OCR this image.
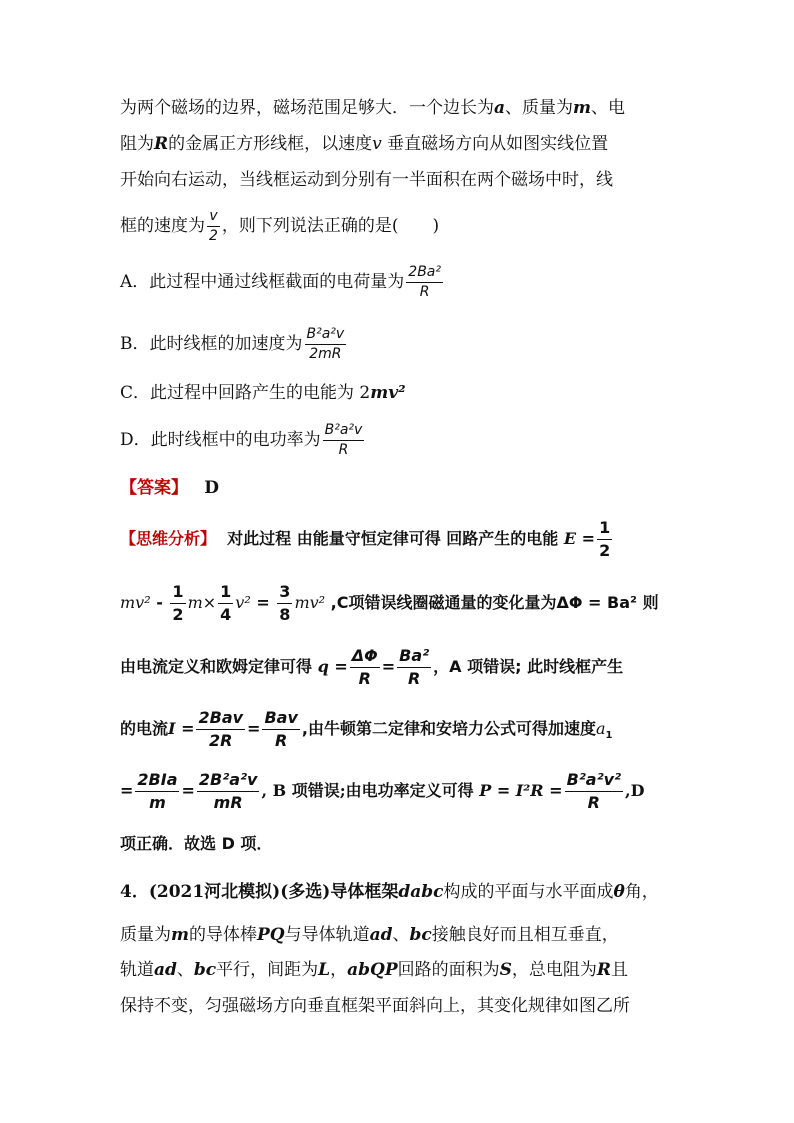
为两个磁场的边界，磁场范围足够大．一个边长为a、质量为m、电
阻为R的金属正方形线框，以速度v 垂直磁场方向从如图实线位置
开始向右运动，当线框运动到分别有一半面积在两个磁场中时，线
框的速度为 $\frac{v}{2}$ ，则下列说法正确的是(　　)
A．此过程中通过线框截面的电荷量为 $\frac{\text{2Ba²}}{R}$
B．此时线框的加速度为 $\frac{\text{B²a²v}}{2mR}$
C．此过程中回路产生的电能为 2mv²
D．此时线框中的电功率为 $\frac{\text{B²a²v}}{R}$
【答案】 D
【思维分析】 对此过程 由能量守恒定律可得 回路产生的电能 $E = \frac{1}{2}$
$mv^2 - \frac{1}{2} m\times \frac{1}{4} v^2 = \frac{3}{8} mv^2$ ,C项错误线圈磁通量的变化量为ΔΦ = Ba² 则
由电流定义和欧姆定律可得 $q = \frac{\Delta\Phi}{R} = \frac{\text{Ba²}}{R}$ ，A 项错误; 此时线框产生
的电流$I = \frac{\text{2Bav}}{2R} = \frac{\text{Bav}}{R}$ ,由牛顿第二定律和安培力公式可得加速度$a_1$
= $\frac{\text{2BIa}}{m} = \frac{\text{2B²a²v}}{mR}$ , B 项错误;由电功率定义可得 $P = I^2R = \frac{\text{B²a²v²}}{R} ,D$
项正确．故选 D 项．
4．(2021河北模拟)(多选)导体框架dabc构成的平面与水平面成θ角，
质量为m的导体棒PQ与导体轨道ad、bc接触良好而且相互垂直，
轨道ad、bc平行，间距为L，abQP回路的面积为S，总电阻为R且
保持不变，匀强磁场方向垂直框架平面斜向上，其变化规律如图乙所
